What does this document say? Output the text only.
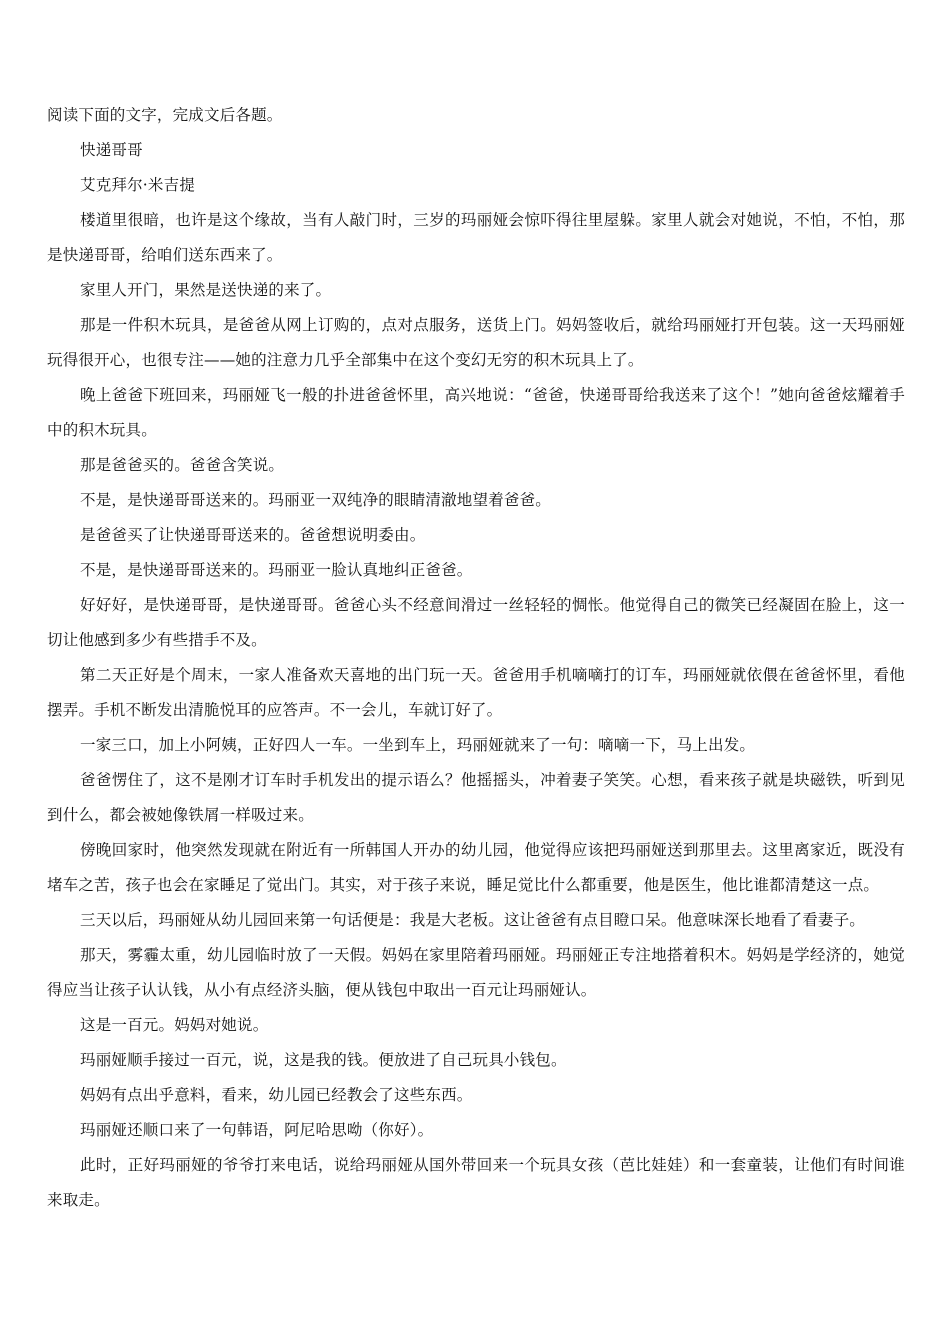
阅读下面的文字，完成文后各题。

快递哥哥

艾克拜尔·米吉提

楼道里很暗，也许是这个缘故，当有人敲门时，三岁的玛丽娅会惊吓得往里屋躲。家里人就会对她说，不怕，不怕，那是快递哥哥，给咱们送东西来了。

家里人开门，果然是送快递的来了。

那是一件积木玩具，是爸爸从网上订购的，点对点服务，送货上门。妈妈签收后，就给玛丽娅打开包装。这一天玛丽娅玩得很开心，也很专注——她的注意力几乎全部集中在这个变幻无穷的积木玩具上了。

晚上爸爸下班回来，玛丽娅飞一般的扑进爸爸怀里，高兴地说：“爸爸，快递哥哥给我送来了这个！”她向爸爸炫耀着手中的积木玩具。

那是爸爸买的。爸爸含笑说。

不是，是快递哥哥送来的。玛丽亚一双纯净的眼睛清澈地望着爸爸。

是爸爸买了让快递哥哥送来的。爸爸想说明委由。

不是，是快递哥哥送来的。玛丽亚一脸认真地纠正爸爸。

好好好，是快递哥哥，是快递哥哥。爸爸心头不经意间滑过一丝轻轻的惆怅。他觉得自己的微笑已经凝固在脸上，这一切让他感到多少有些措手不及。

第二天正好是个周末，一家人准备欢天喜地的出门玩一天。爸爸用手机嘀嘀打的订车，玛丽娅就依偎在爸爸怀里，看他摆弄。手机不断发出清脆悦耳的应答声。不一会儿，车就订好了。

一家三口，加上小阿姨，正好四人一车。一坐到车上，玛丽娅就来了一句：嘀嘀一下，马上出发。

爸爸愣住了，这不是刚才订车时手机发出的提示语么？他摇摇头，冲着妻子笑笑。心想，看来孩子就是块磁铁，听到见到什么，都会被她像铁屑一样吸过来。

傍晚回家时，他突然发现就在附近有一所韩国人开办的幼儿园，他觉得应该把玛丽娅送到那里去。这里离家近，既没有堵车之苦，孩子也会在家睡足了觉出门。其实，对于孩子来说，睡足觉比什么都重要，他是医生，他比谁都清楚这一点。

三天以后，玛丽娅从幼儿园回来第一句话便是：我是大老板。这让爸爸有点目瞪口呆。他意味深长地看了看妻子。

那天，雾霾太重，幼儿园临时放了一天假。妈妈在家里陪着玛丽娅。玛丽娅正专注地搭着积木。妈妈是学经济的，她觉得应当让孩子认认钱，从小有点经济头脑，便从钱包中取出一百元让玛丽娅认。

这是一百元。妈妈对她说。

玛丽娅顺手接过一百元，说，这是我的钱。便放进了自己玩具小钱包。

妈妈有点出乎意料，看来，幼儿园已经教会了这些东西。

玛丽娅还顺口来了一句韩语，阿尼哈思呦（你好）。

此时，正好玛丽娅的爷爷打来电话，说给玛丽娅从国外带回来一个玩具女孩（芭比娃娃）和一套童装，让他们有时间谁来取走。
